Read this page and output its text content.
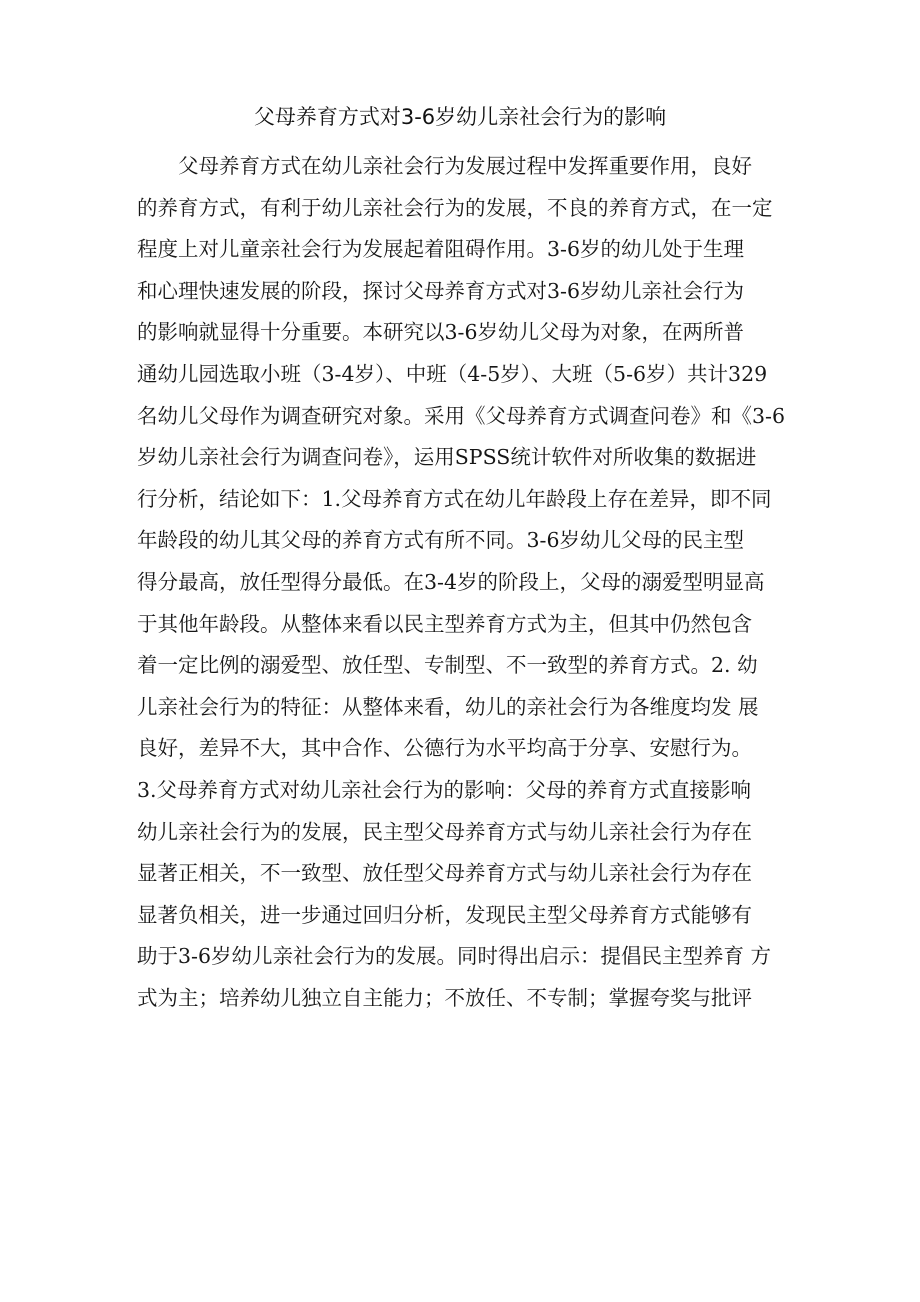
父母养育方式对3-6岁幼儿亲社会行为的影响
父母养育方式在幼儿亲社会行为发展过程中发挥重要作用，良好
的养育方式，有利于幼儿亲社会行为的发展，不良的养育方式，在一定
程度上对儿童亲社会行为发展起着阻碍作用。3-6岁的幼儿处于生理
和心理快速发展的阶段，探讨父母养育方式对3-6岁幼儿亲社会行为
的影响就显得十分重要。本研究以3-6岁幼儿父母为对象，在两所普
通幼儿园选取小班（3-4岁）、中班（4-5岁）、大班（5-6岁）共计329
名幼儿父母作为调查研究对象。采用《父母养育方式调查问卷》和《3-6
岁幼儿亲社会行为调查问卷》，运用SPSS统计软件对所收集的数据进
行分析，结论如下：1.父母养育方式在幼儿年龄段上存在差异，即不同
年龄段的幼儿其父母的养育方式有所不同。3-6岁幼儿父母的民主型
得分最高，放任型得分最低。在3-4岁的阶段上，父母的溺爱型明显高
于其他年龄段。从整体来看以民主型养育方式为主，但其中仍然包含
着一定比例的溺爱型、放任型、专制型、不一致型的养育方式。2. 幼
儿亲社会行为的特征：从整体来看，幼儿的亲社会行为各维度均发 展
良好，差异不大，其中合作、公德行为水平均高于分享、安慰行为。
3.父母养育方式对幼儿亲社会行为的影响：父母的养育方式直接影响
幼儿亲社会行为的发展，民主型父母养育方式与幼儿亲社会行为存在
显著正相关，不一致型、放任型父母养育方式与幼儿亲社会行为存在
显著负相关，进一步通过回归分析，发现民主型父母养育方式能够有
助于3-6岁幼儿亲社会行为的发展。同时得出启示：提倡民主型养育 方
式为主；培养幼儿独立自主能力；不放任、不专制；掌握夸奖与批评
